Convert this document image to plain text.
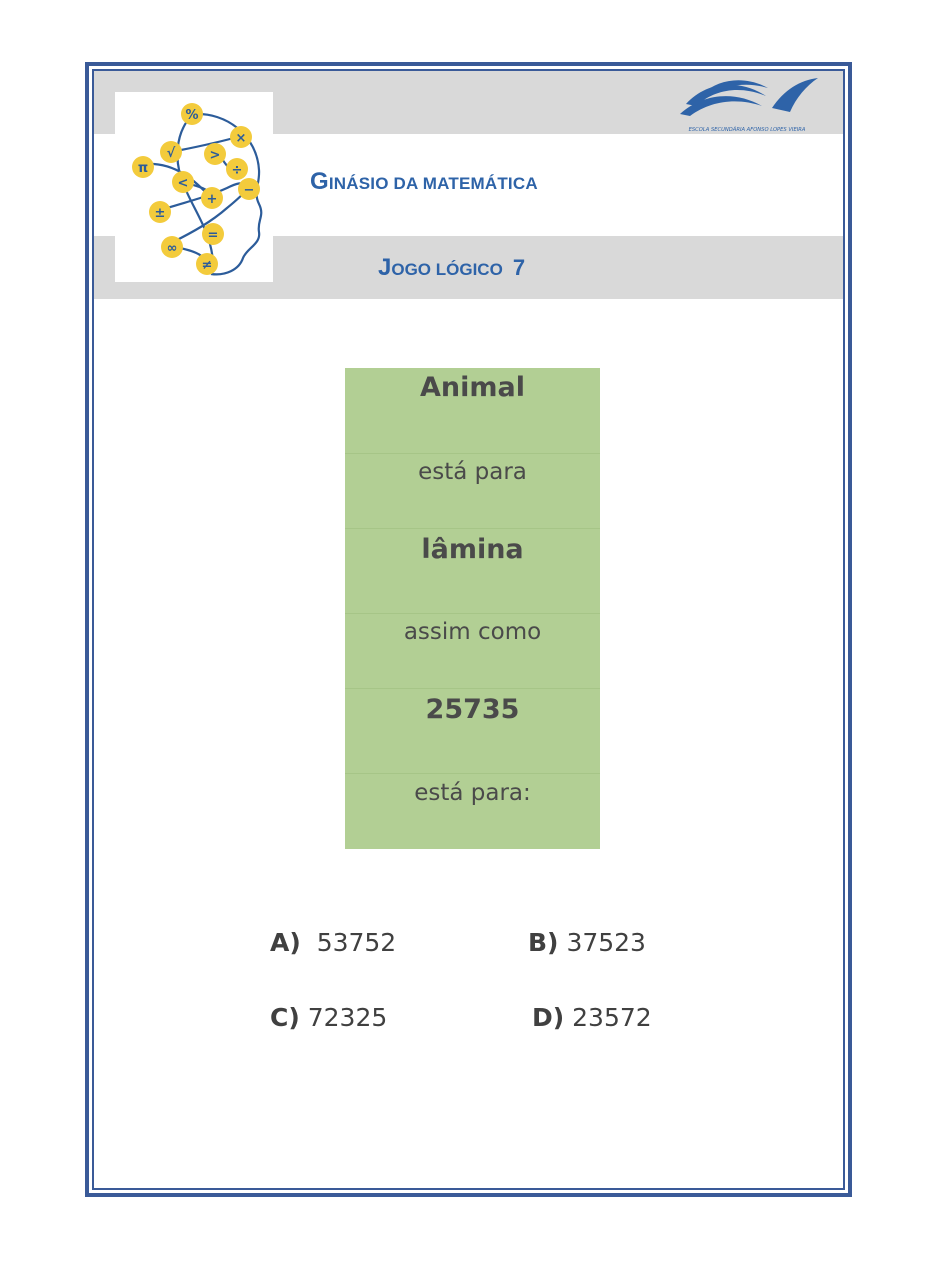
%
×
√	>
÷
π
<
+
−
±
=
∞
≠
ESCOLA SECUNDÁRIA AFONSO LOPES VIEIRA
GINÁSIO DA MATEMÁTICA
JOGO LÓGICO 7
Animal
está para
lâmina
assim como
25735
está para:
A) 53752	B) 37523
C) 72325	D) 23572
